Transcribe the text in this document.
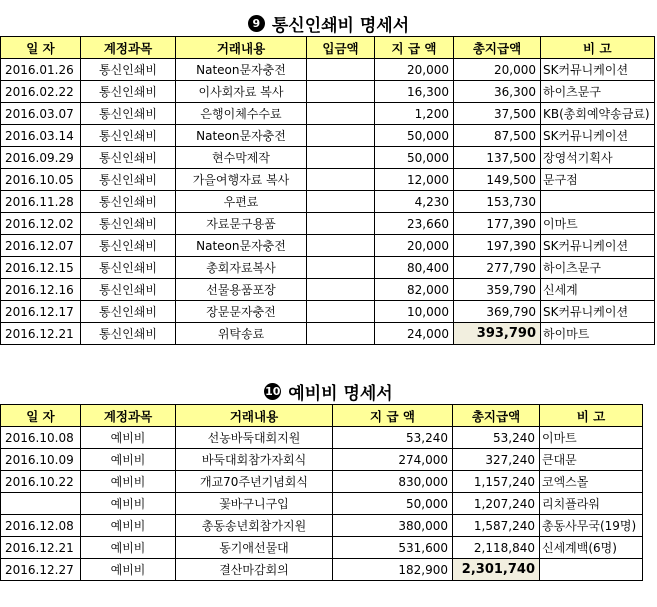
9 통신인쇄비 명세서
일 자	계정과목	거래내용	입금액	지 급 액	총지급액	비 고
2016.01.26	통신인쇄비	Nateon문자충전		20,000	20,000	SK커뮤니케이션
2016.02.22	통신인쇄비	이사회자료 복사		16,300	36,300	하이츠문구
2016.03.07	통신인쇄비	은행이체수수료		1,200	37,500	KB(총회예약송금료)
2016.03.14	통신인쇄비	Nateon문자충전		50,000	87,500	SK커뮤니케이션
2016.09.29	통신인쇄비	현수막제작		50,000	137,500	장영석기획사
2016.10.05	통신인쇄비	가을여행자료 복사		12,000	149,500	문구점
2016.11.28	통신인쇄비	우편료		4,230	153,730	
2016.12.02	통신인쇄비	자료문구용품		23,660	177,390	이마트
2016.12.07	통신인쇄비	Nateon문자충전		20,000	197,390	SK커뮤니케이션
2016.12.15	통신인쇄비	총회자료복사		80,400	277,790	하이츠문구
2016.12.16	통신인쇄비	선물용품포장		82,000	359,790	신세계
2016.12.17	통신인쇄비	장문문자충전		10,000	369,790	SK커뮤니케이션
2016.12.21	통신인쇄비	위탁송료		24,000	393,790	하이마트
10 예비비 명세서
일 자	계정과목	거래내용	지 급 액	총지급액	비 고
2016.10.08	예비비	선농바둑대회지원	53,240	53,240	이마트
2016.10.09	예비비	바둑대회참가자회식	274,000	327,240	큰대문
2016.10.22	예비비	개교70주년기념회식	830,000	1,157,240	코엑스몰
	예비비	꽃바구니구입	50,000	1,207,240	리치플라워
2016.12.08	예비비	총동송년회참가지원	380,000	1,587,240	총동사무국(19명)
2016.12.21	예비비	동기애선물대	531,600	2,118,840	신세계백(6명)
2016.12.27	예비비	결산마감회의	182,900	2,301,740	
